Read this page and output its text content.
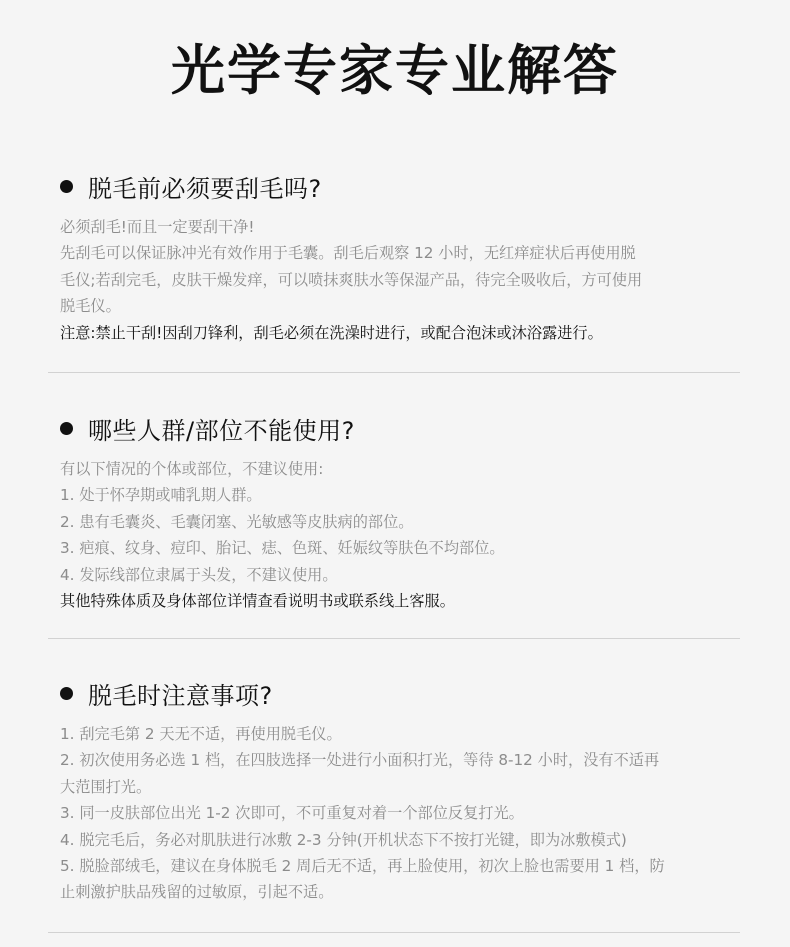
光学专家专业解答
脱毛前必须要刮毛吗?
必须刮毛!而且一定要刮干净!
先刮毛可以保证脉冲光有效作用于毛囊。刮毛后观察 12 小时，无红痒症状后再使用脱
毛仪;若刮完毛，皮肤干燥发痒，可以喷抹爽肤水等保湿产品，待完全吸收后，方可使用
脱毛仪。
注意:禁止干刮!因刮刀锋利，刮毛必须在洗澡时进行，或配合泡沫或沐浴露进行。
哪些人群/部位不能使用?
有以下情况的个体或部位，不建议使用:
1. 处于怀孕期或哺乳期人群。
2. 患有毛囊炎、毛囊闭塞、光敏感等皮肤病的部位。
3. 疤痕、纹身、痘印、胎记、痣、色斑、妊娠纹等肤色不均部位。
4. 发际线部位隶属于头发，不建议使用。
其他特殊体质及身体部位详情查看说明书或联系线上客服。
脱毛时注意事项?
1. 刮完毛第 2 天无不适，再使用脱毛仪。
2. 初次使用务必选 1 档，在四肢选择一处进行小面积打光，等待 8-12 小时，没有不适再
大范围打光。
3. 同一皮肤部位出光 1-2 次即可，不可重复对着一个部位反复打光。
4. 脱完毛后，务必对肌肤进行冰敷 2-3 分钟(开机状态下不按打光键，即为冰敷模式)
5. 脱脸部绒毛，建议在身体脱毛 2 周后无不适，再上脸使用，初次上脸也需要用 1 档，防
止刺激护肤品残留的过敏原，引起不适。
